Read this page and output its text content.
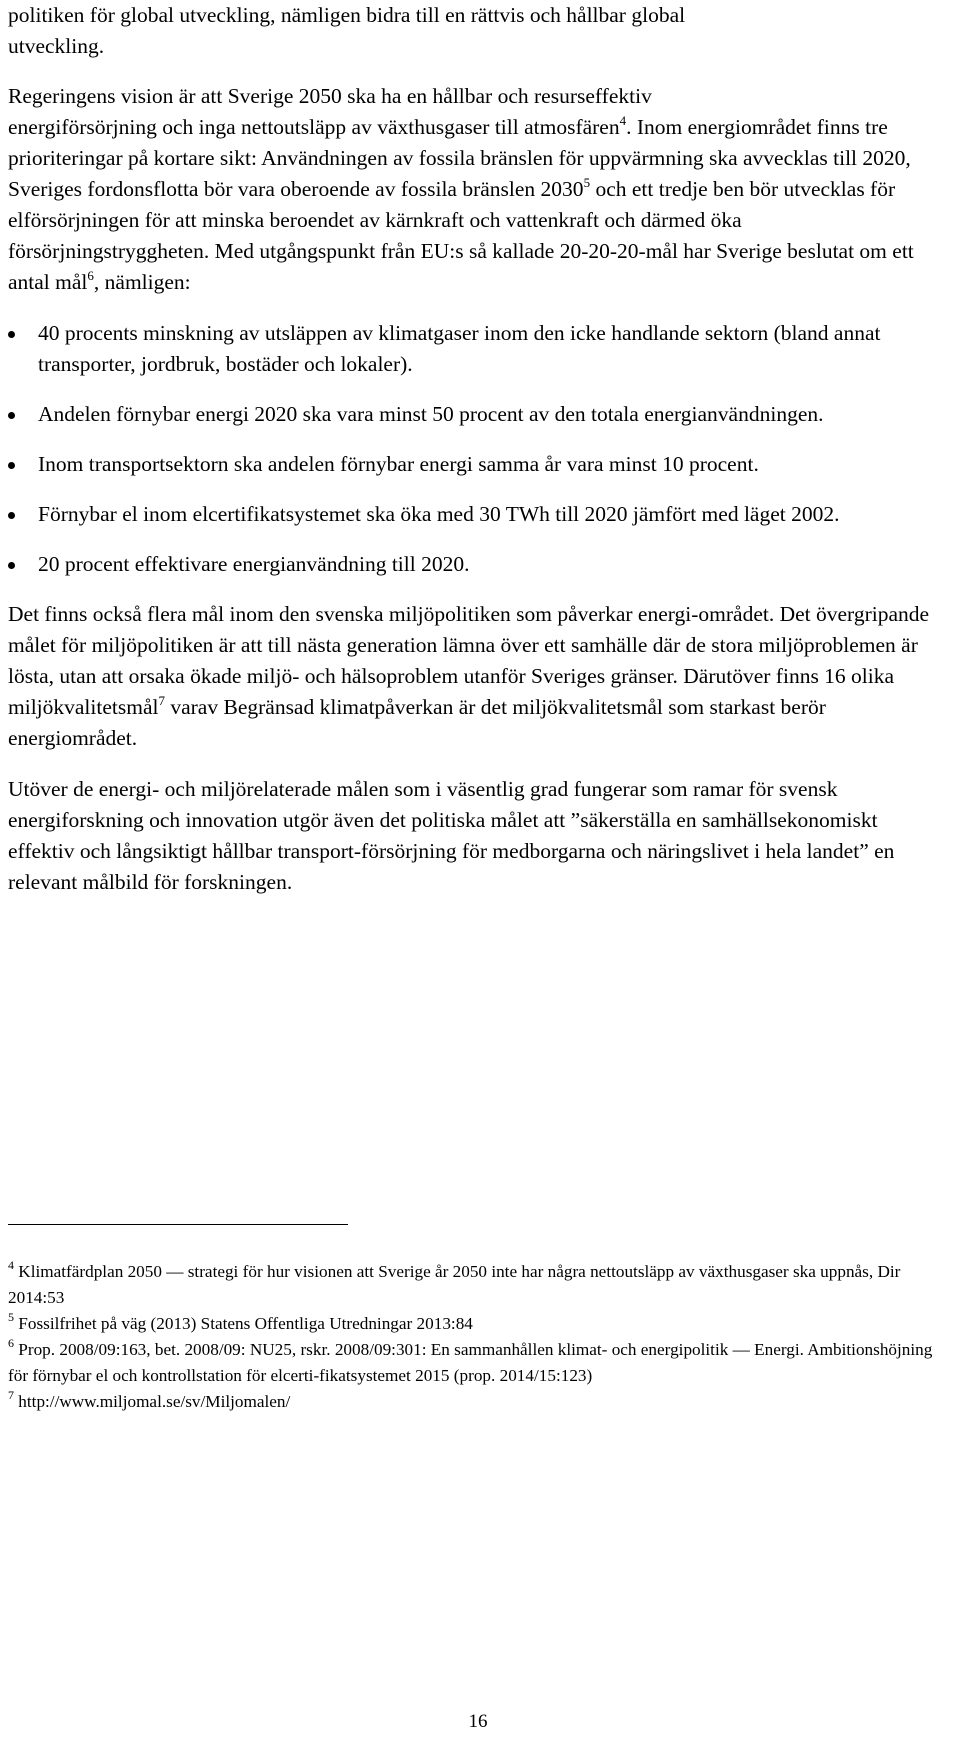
politiken för global utveckling, nämligen bidra till en rättvis och hållbar global
utveckling.

Regeringens vision är att Sverige 2050 ska ha en hållbar och resurseffektiv
energiförsörjning och inga nettoutsläpp av växthusgaser till atmosfären$^4$. Inom energiområdet finns tre prioriteringar på kortare sikt: Användningen av fossila bränslen för uppvärmning ska avvecklas till 2020, Sveriges fordonsflotta bör vara oberoende av fossila bränslen 2030$^5$ och ett tredje ben bör utvecklas för elförsörjningen för att minska beroendet av kärnkraft och vattenkraft och därmed öka försörjningstryggheten. Med utgångspunkt från EU:s så kallade 20-20-20-mål har Sverige beslutat om ett antal mål$^6$, nämligen:

40 procents minskning av utsläppen av klimatgaser inom den icke handlande sektorn (bland annat transporter, jordbruk, bostäder och lokaler).
Andelen förnybar energi 2020 ska vara minst 50 procent av den totala energianvändningen.
Inom transportsektorn ska andelen förnybar energi samma år vara minst 10 procent.
Förnybar el inom elcertifikatsystemet ska öka med 30 TWh till 2020 jämfört med läget 2002.
20 procent effektivare energianvändning till 2020.

Det finns också flera mål inom den svenska miljöpolitiken som påverkar energi-området. Det övergripande målet för miljöpolitiken är att till nästa generation lämna över ett samhälle där de stora miljöproblemen är lösta, utan att orsaka ökade miljö- och hälsoproblem utanför Sveriges gränser. Därutöver finns 16 olika miljökvalitetsmål$^7$ varav Begränsad klimatpåverkan är det miljökvalitetsmål som starkast berör energiområdet.

Utöver de energi- och miljörelaterade målen som i väsentlig grad fungerar som ramar för svensk energiforskning och innovation utgör även det politiska målet att ”säkerställa en samhällsekonomiskt effektiv och långsiktigt hållbar transport-försörjning för medborgarna och näringslivet i hela landet” en relevant målbild för forskningen.

$^4$ Klimatfärdplan 2050 — strategi för hur visionen att Sverige år 2050 inte har några nettoutsläpp av växthusgaser ska uppnås, Dir 2014:53

$^5$ Fossilfrihet på väg (2013) Statens Offentliga Utredningar 2013:84

$^6$ Prop. 2008/09:163, bet. 2008/09: NU25, rskr. 2008/09:301: En sammanhållen klimat- och energipolitik — Energi. Ambitionshöjning för förnybar el och kontrollstation för elcerti-fikatsystemet 2015 (prop. 2014/15:123)

$^7$ http://www.miljomal.se/sv/Miljomalen/

16
